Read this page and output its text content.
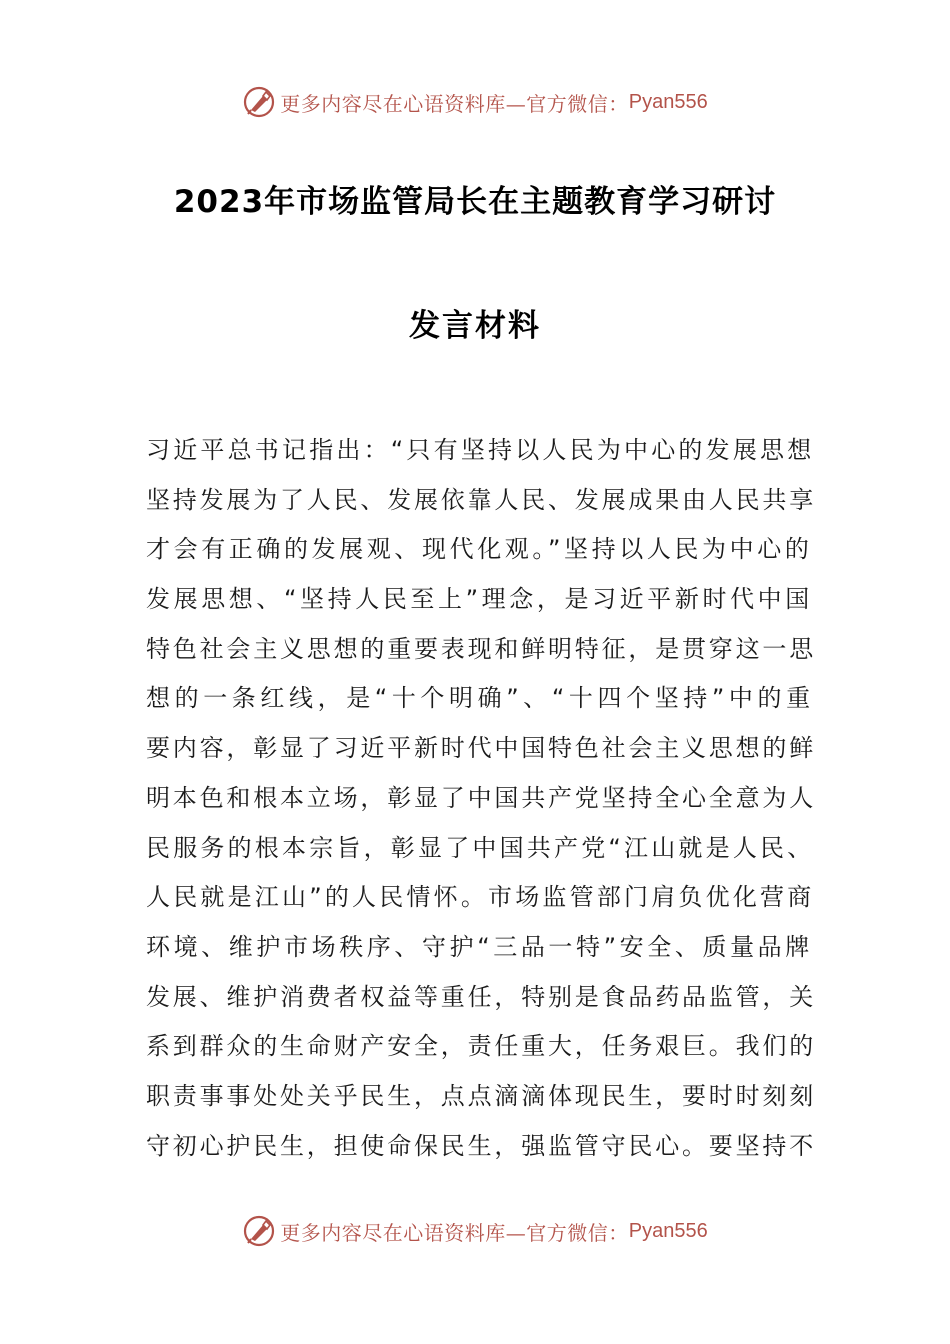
更多内容尽在心语资料库—官方微信： Pyan556
2023年市场监管局长在主题教育学习研讨
发言材料
习近平总书记指出：“只有坚持以人民为中心的发展思想
坚持发展为了人民、发展依靠人民、发展成果由人民共享
才会有正确的发展观、现代化观。”坚持以人民为中心的
发展思想、“坚持人民至上”理念，是习近平新时代中国
特色社会主义思想的重要表现和鲜明特征，是贯穿这一思
想的一条红线，是“十个明确”、“十四个坚持”中的重
要内容，彰显了习近平新时代中国特色社会主义思想的鲜
明本色和根本立场，彰显了中国共产党坚持全心全意为人
民服务的根本宗旨，彰显了中国共产党“江山就是人民、
人民就是江山”的人民情怀。市场监管部门肩负优化营商
环境、维护市场秩序、守护“三品一特”安全、质量品牌
发展、维护消费者权益等重任，特别是食品药品监管，关
系到群众的生命财产安全，责任重大，任务艰巨。我们的
职责事事处处关乎民生，点点滴滴体现民生，要时时刻刻
守初心护民生，担使命保民生，强监管守民心。要坚持不
更多内容尽在心语资料库—官方微信： Pyan556
